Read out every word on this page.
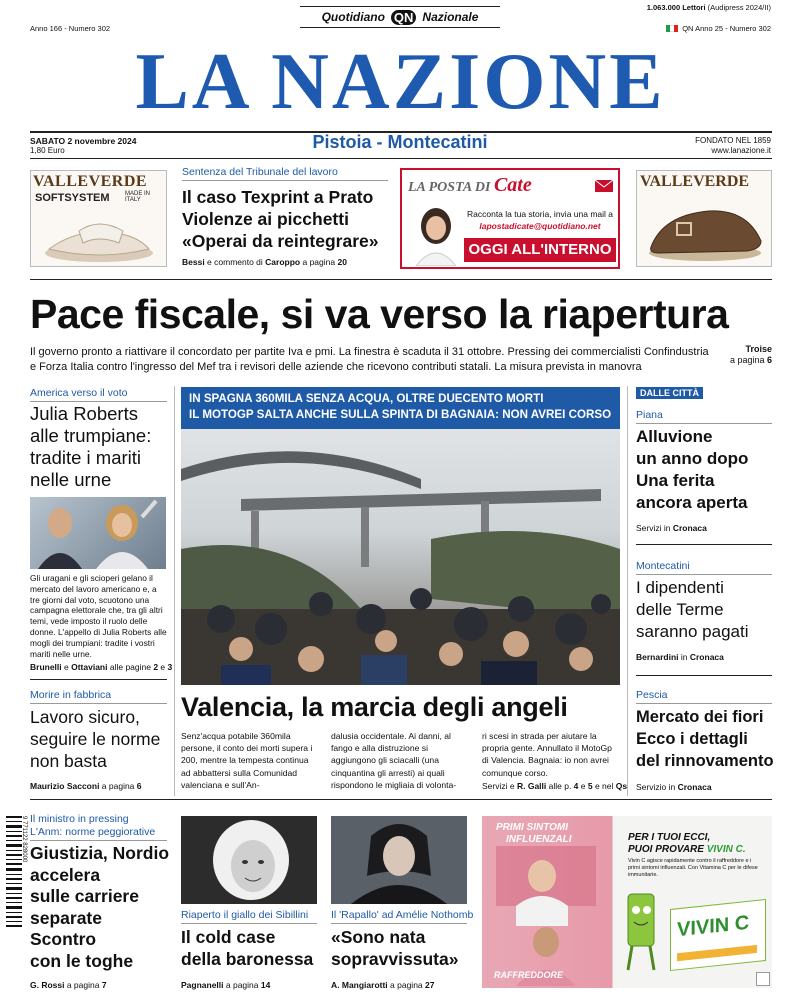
Quotidiano QN Nazionale
1.063.000 Lettori (Audipress 2024/II)
Anno 166 - Numero 302	QN Anno 25 - Numero 302
LA NAZIONE
SABATO 2 novembre 2024
1,80 Euro	Pistoia - Montecatini	FONDATO NEL 1859
www.lanazione.it
VALLEVERDE
SOFTSYSTEM	MADE IN ITALY
Sentenza del Tribunale del lavoro
Il caso Texprint a Prato
Violenze ai picchetti
«Operai da reintegrare»
Bessi e commento di Caroppo a pagina 20
LA POSTA DI Cate
Racconta la tua storia, invia una mail a lapostadicate@quotidiano.net
OGGI ALL'INTERNO
VALLEVERDE
Pace fiscale, si va verso la riapertura
Il governo pronto a riattivare il concordato per partite Iva e pmi. La finestra è scaduta il 31 ottobre. Pressing dei commercialisti Confindustria e Forza Italia contro l'ingresso del Mef tra i revisori delle aziende che ricevono contributi statali. La misura prevista in manovra
Troise
a pagina 6
America verso il voto
Julia Roberts
alle trumpiane:
tradite i mariti
nelle urne
Gli uragani e gli scioperi gelano il mercato del lavoro americano e, a tre giorni dal voto, scuotono una campagna elettorale che, tra gli altri temi, vede imposto il ruolo delle donne. L'appello di Julia Roberts alle mogli dei trumpiani: tradite i vostri mariti nelle urne.
Brunelli e Ottaviani alle pagine 2 e 3
Morire in fabbrica
Lavoro sicuro,
seguire le norme
non basta
Maurizio Sacconi a pagina 6
9 771122 828000 Il ministro in pressing
L'Anm: norme peggiorative
Giustizia, Nordio
accelera
sulle carriere
separate
Scontro
con le toghe
G. Rossi a pagina 7
IN SPAGNA 360MILA SENZA ACQUA, OLTRE DUECENTO MORTI
IL MOTOGP SALTA ANCHE SULLA SPINTA DI BAGNAIA: NON AVREI CORSO
Valencia, la marcia degli angeli
Senz'acqua potabile 360mila persone, il conto dei morti supera i 200, mentre la tempesta continua ad abbattersi sulla Comunidad valenciana e sull'An-
dalusia occidentale. Ai danni, al fango e alla distruzione si aggiungono gli sciacalli (una cinquantina gli arresti) ai quali rispondono le migliaia di volonta-
ri scesi in strada per aiutare la propria gente. Annullato il MotoGp di Valencia. Bagnaia: io non avrei comunque corso.
Servizi e R. Galli alle p. 4 e 5 e nel Qs
DALLE CITTÀ
Piana
Alluvione
un anno dopo
Una ferita
ancora aperta
Servizi in Cronaca
Montecatini
I dipendenti
delle Terme
saranno pagati
Bernardini in Cronaca
Pescia
Mercato dei fiori
Ecco i dettagli
del rinnovamento
Servizio in Cronaca
Riaperto il giallo dei Sibillini
Il cold case
della baronessa
Pagnanelli a pagina 14
Il 'Rapallo' ad Amélie Nothomb
«Sono nata
sopravvissuta»
A. Mangiarotti a pagina 27
PRIMI SINTOMI
INFLUENZALI
RAFFREDDORE
PER I TUOI ECCI,
PUOI PROVARE VIVIN C.
Vivin C agisce rapidamente contro il raffreddore e i primi sintomi influenzali. Con Vitamina C per le difese immunitarie.
VIVIN C
